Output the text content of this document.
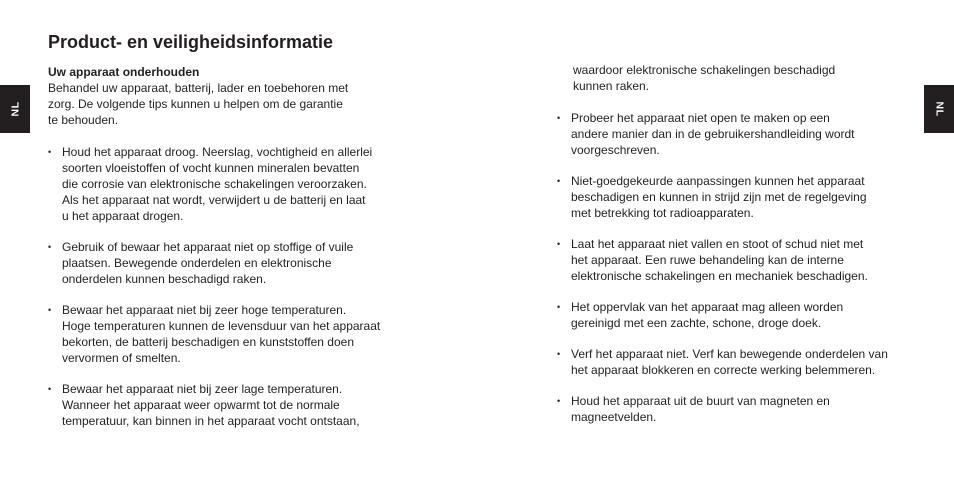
NL	NL
Product- en veiligheidsinformatie
Uw apparaat onderhouden

Behandel uw apparaat, batterij, lader en toebehoren met
zorg. De volgende tips kunnen u helpen om de garantie
te behouden.

• Houd het apparaat droog. Neerslag, vochtigheid en allerlei
soorten vloeistoffen of vocht kunnen mineralen bevatten
die corrosie van elektronische schakelingen veroorzaken.
Als het apparaat nat wordt, verwijdert u de batterij en laat
u het apparaat drogen.
• Gebruik of bewaar het apparaat niet op stoffige of vuile
plaatsen. Bewegende onderdelen en elektronische
onderdelen kunnen beschadigd raken.
• Bewaar het apparaat niet bij zeer hoge temperaturen.
Hoge temperaturen kunnen de levensduur van het apparaat
bekorten, de batterij beschadigen en kunststoffen doen
vervormen of smelten.
• Bewaar het apparaat niet bij zeer lage temperaturen.
Wanneer het apparaat weer opwarmt tot de normale
temperatuur, kan binnen in het apparaat vocht ontstaan,

waardoor elektronische schakelingen beschadigd
kunnen raken.

• Probeer het apparaat niet open te maken op een
andere manier dan in de gebruikershandleiding wordt
voorgeschreven.
• Niet-goedgekeurde aanpassingen kunnen het apparaat
beschadigen en kunnen in strijd zijn met de regelgeving
met betrekking tot radioapparaten.
• Laat het apparaat niet vallen en stoot of schud niet met
het apparaat. Een ruwe behandeling kan de interne
elektronische schakelingen en mechaniek beschadigen.
• Het oppervlak van het apparaat mag alleen worden
gereinigd met een zachte, schone, droge doek.
• Verf het apparaat niet. Verf kan bewegende onderdelen van
het apparaat blokkeren en correcte werking belemmeren.
• Houd het apparaat uit de buurt van magneten en
magneetvelden.
